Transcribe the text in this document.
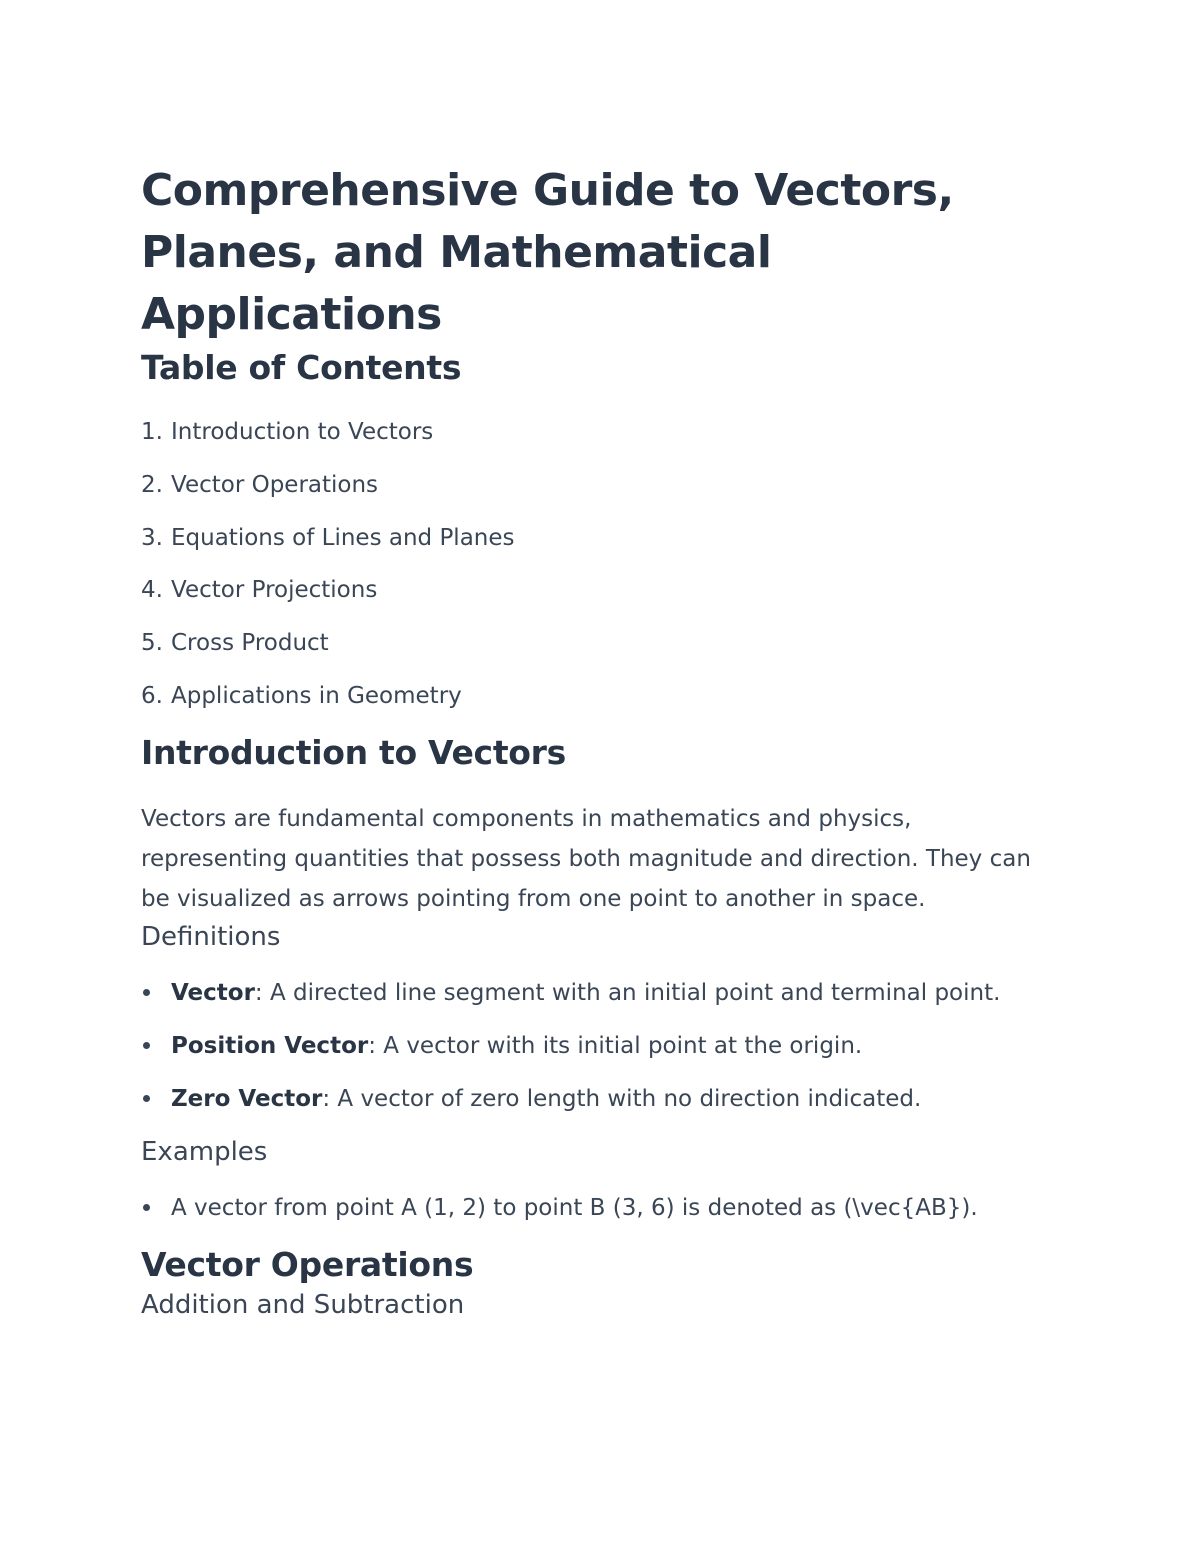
Comprehensive Guide to Vectors,
Planes, and Mathematical Applications
Table of Contents
1. Introduction to Vectors
2. Vector Operations
3. Equations of Lines and Planes
4. Vector Projections
5. Cross Product
6. Applications in Geometry
Introduction to Vectors

Vectors are fundamental components in mathematics and physics, representing quantities that possess both magnitude and direction. They can be visualized as arrows pointing from one point to another in space.

Definitions
Vector: A directed line segment with an initial point and terminal point.
Position Vector: A vector with its initial point at the origin.
Zero Vector: A vector of zero length with no direction indicated.
Examples
A vector from point A (1, 2) to point B (3, 6) is denoted as (\vec{AB}).
Vector Operations
Addition and Subtraction
